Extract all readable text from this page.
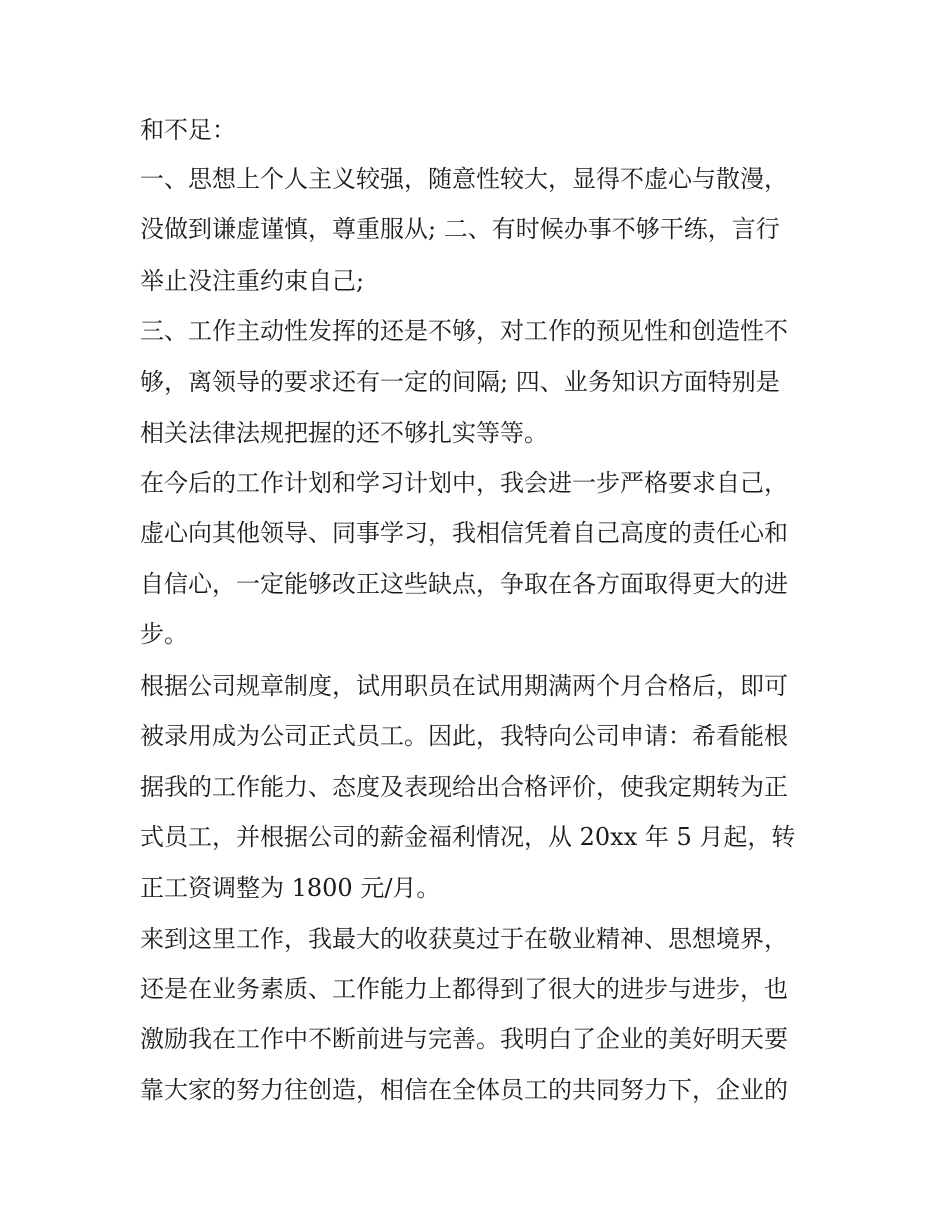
和不足：
一、思想上个人主义较强，随意性较大，显得不虚心与散漫，
没做到谦虚谨慎，尊重服从; 二、有时候办事不够干练，言行
举止没注重约束自己;
三、工作主动性发挥的还是不够，对工作的预见性和创造性不
够，离领导的要求还有一定的间隔; 四、业务知识方面特别是
相关法律法规把握的还不够扎实等等。
在今后的工作计划和学习计划中，我会进一步严格要求自己，
虚心向其他领导、同事学习，我相信凭着自己高度的责任心和
自信心，一定能够改正这些缺点，争取在各方面取得更大的进
步。
根据公司规章制度，试用职员在试用期满两个月合格后，即可
被录用成为公司正式员工。因此，我特向公司申请：希看能根
据我的工作能力、态度及表现给出合格评价，使我定期转为正
式员工，并根据公司的薪金福利情况，从 20xx 年 5 月起，转
正工资调整为 1800 元/月。
来到这里工作，我最大的收获莫过于在敬业精神、思想境界，
还是在业务素质、工作能力上都得到了很大的进步与进步，也
激励我在工作中不断前进与完善。我明白了企业的美好明天要
靠大家的努力往创造，相信在全体员工的共同努力下，企业的
